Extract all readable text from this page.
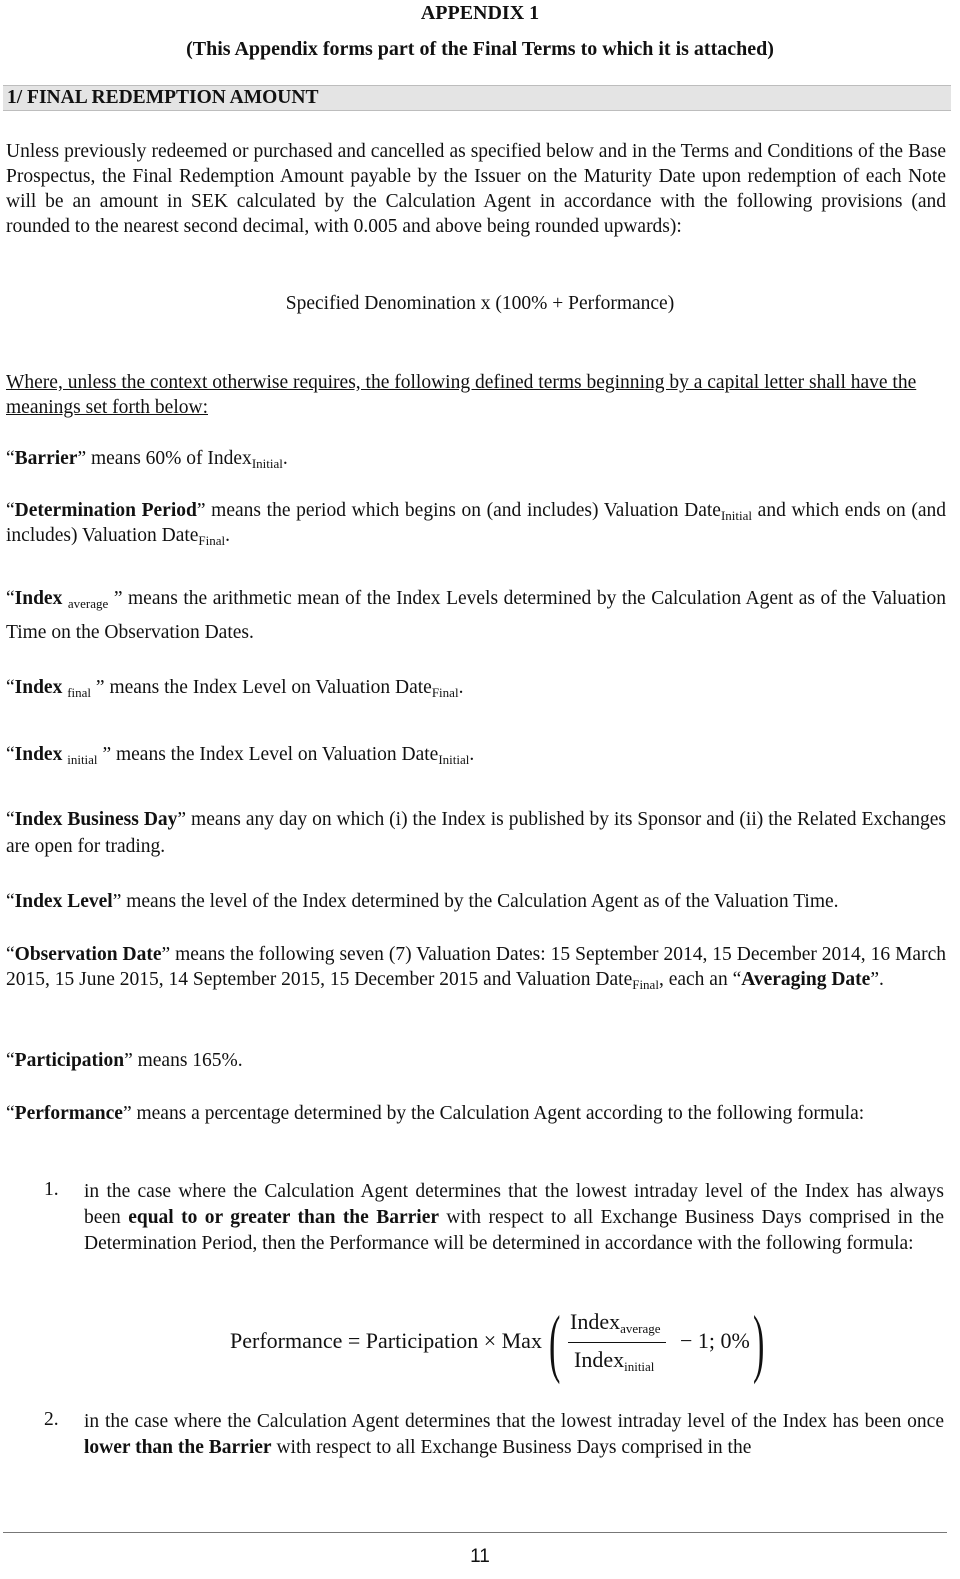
APPENDIX 1
(This Appendix forms part of the Final Terms to which it is attached)
1/ FINAL REDEMPTION AMOUNT

Unless previously redeemed or purchased and cancelled as specified below and in the Terms and Conditions of the Base Prospectus, the Final Redemption Amount payable by the Issuer on the Maturity Date upon redemption of each Note will be an amount in SEK calculated by the Calculation Agent in accordance with the following provisions (and rounded to the nearest second decimal, with 0.005 and above being rounded upwards):

Specified Denomination x (100% + Performance)

Where, unless the context otherwise requires, the following defined terms beginning by a capital letter shall have the meanings set forth below:

“Barrier” means 60% of Index$_{Initial}$.

“Determination Period” means the period which begins on (and includes) Valuation Date$_{Initial}$ and which ends on (and includes) Valuation Date$_{Final}$.

“Index $_{average}$ ” means the arithmetic mean of the Index Levels determined by the Calculation Agent as of the Valuation Time on the Observation Dates.

“Index $_{final}$ ” means the Index Level on Valuation Date$_{Final}$.

“Index $_{initial}$ ” means the Index Level on Valuation Date$_{Initial}$.

“Index Business Day” means any day on which (i) the Index is published by its Sponsor and (ii) the Related Exchanges are open for trading.

“Index Level” means the level of the Index determined by the Calculation Agent as of the Valuation Time.

“Observation Date” means the following seven (7) Valuation Dates: 15 September 2014, 15 December 2014, 16 March 2015, 15 June 2015, 14 September 2015, 15 December 2015 and Valuation Date$_{Final}$, each an “Averaging Date”.

“Participation” means 165%.

“Performance” means a percentage determined by the Calculation Agent according to the following formula:

1. in the case where the Calculation Agent determines that the lowest intraday level of the Index has always been equal to or greater than the Barrier with respect to all Exchange Business Days comprised in the Determination Period, then the Performance will be determined in accordance with the following formula:

Performance = Participation × Max ( Indexaverage
Indexinitial
− 1; 0% )
2. in the case where the Calculation Agent determines that the lowest intraday level of the Index has been once lower than the Barrier with respect to all Exchange Business Days comprised in the

11
